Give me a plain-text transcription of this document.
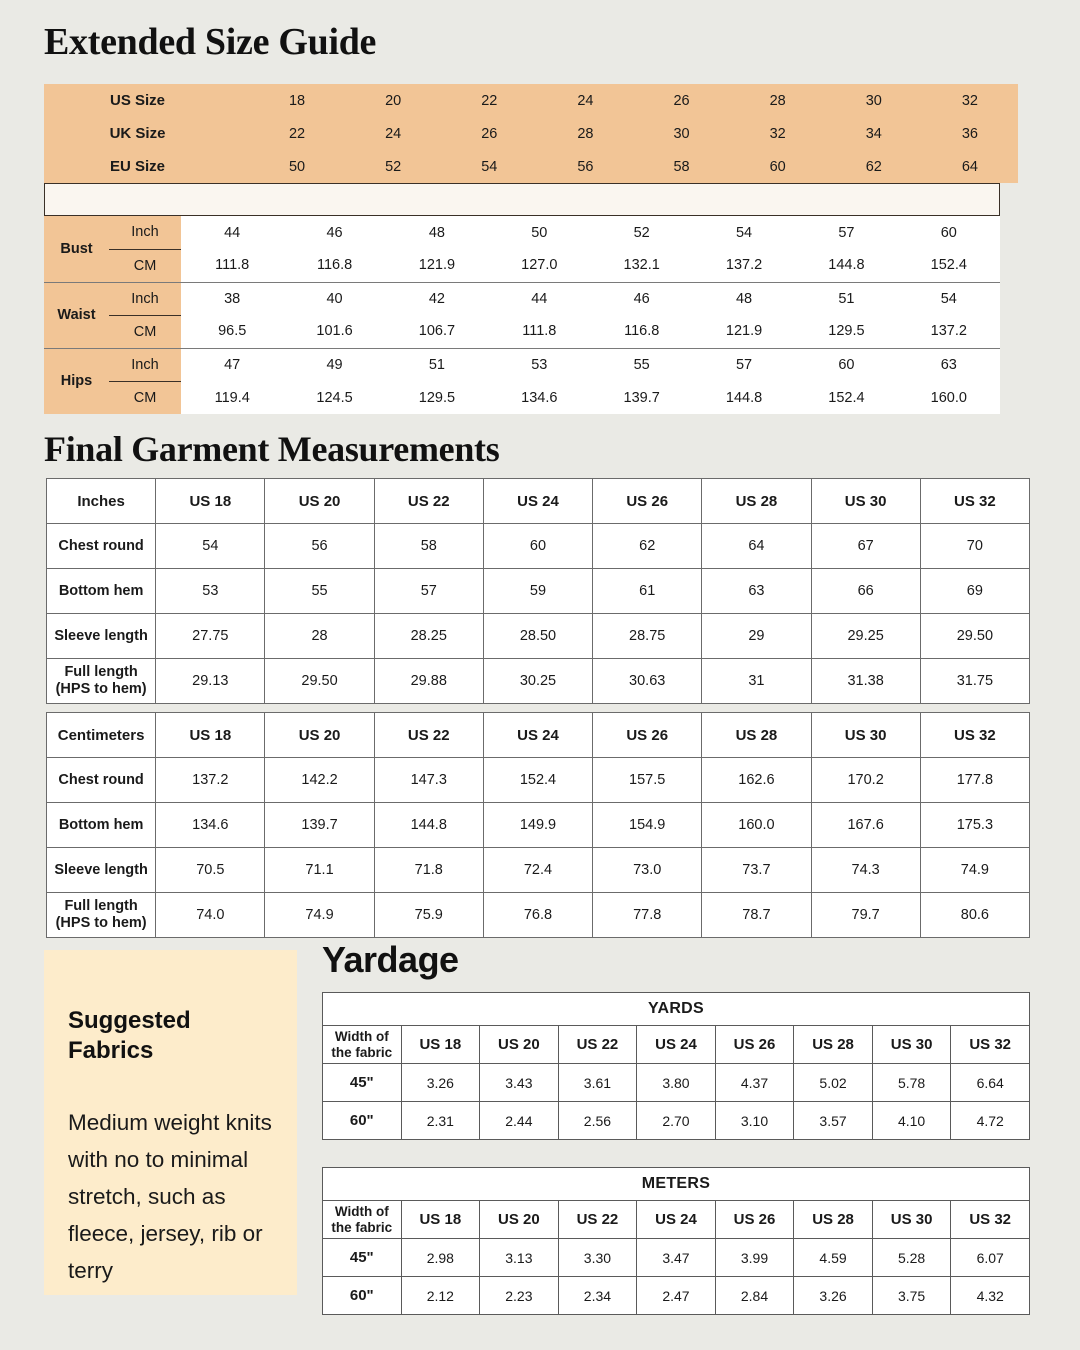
Extended Size Guide
Final Garment Measurements
Yardage
US Size	18	20	22	24	26	28	30	32
UK Size	22	24	26	28	30	32	34	36
EU Size	50	52	54	56	58	60	62	64
Bust	Inch	44	46	48	50	52	54	57	60
	CM	111.8	116.8	121.9	127.0	132.1	137.2	144.8	152.4
Waist	Inch	38	40	42	44	46	48	51	54
	CM	96.5	101.6	106.7	111.8	116.8	121.9	129.5	137.2
Hips	Inch	47	49	51	53	55	57	60	63
	CM	119.4	124.5	129.5	134.6	139.7	144.8	152.4	160.0
Inches	US 18	US 20	US 22	US 24	US 26	US 28	US 30	US 32
Chest round	54	56	58	60	62	64	67	70
Bottom hem	53	55	57	59	61	63	66	69
Sleeve length	27.75	28	28.25	28.50	28.75	29	29.25	29.50
Full length
(HPS to hem)	29.13	29.50	29.88	30.25	30.63	31	31.38	31.75
Centimeters	US 18	US 20	US 22	US 24	US 26	US 28	US 30	US 32
Chest round	137.2	142.2	147.3	152.4	157.5	162.6	170.2	177.8
Bottom hem	134.6	139.7	144.8	149.9	154.9	160.0	167.6	175.3
Sleeve length	70.5	71.1	71.8	72.4	73.0	73.7	74.3	74.9
Full length
(HPS to hem)	74.0	74.9	75.9	76.8	77.8	78.7	79.7	80.6
Suggested Fabrics
Medium weight knits with no to minimal stretch, such as fleece, jersey, rib or terry
YARDS								
Width of
the fabric	US 18	US 20	US 22	US 24	US 26	US 28	US 30	US 32
45"	3.26	3.43	3.61	3.80	4.37	5.02	5.78	6.64
60"	2.31	2.44	2.56	2.70	3.10	3.57	4.10	4.72
METERS								
Width of
the fabric	US 18	US 20	US 22	US 24	US 26	US 28	US 30	US 32
45"	2.98	3.13	3.30	3.47	3.99	4.59	5.28	6.07
60"	2.12	2.23	2.34	2.47	2.84	3.26	3.75	4.32
